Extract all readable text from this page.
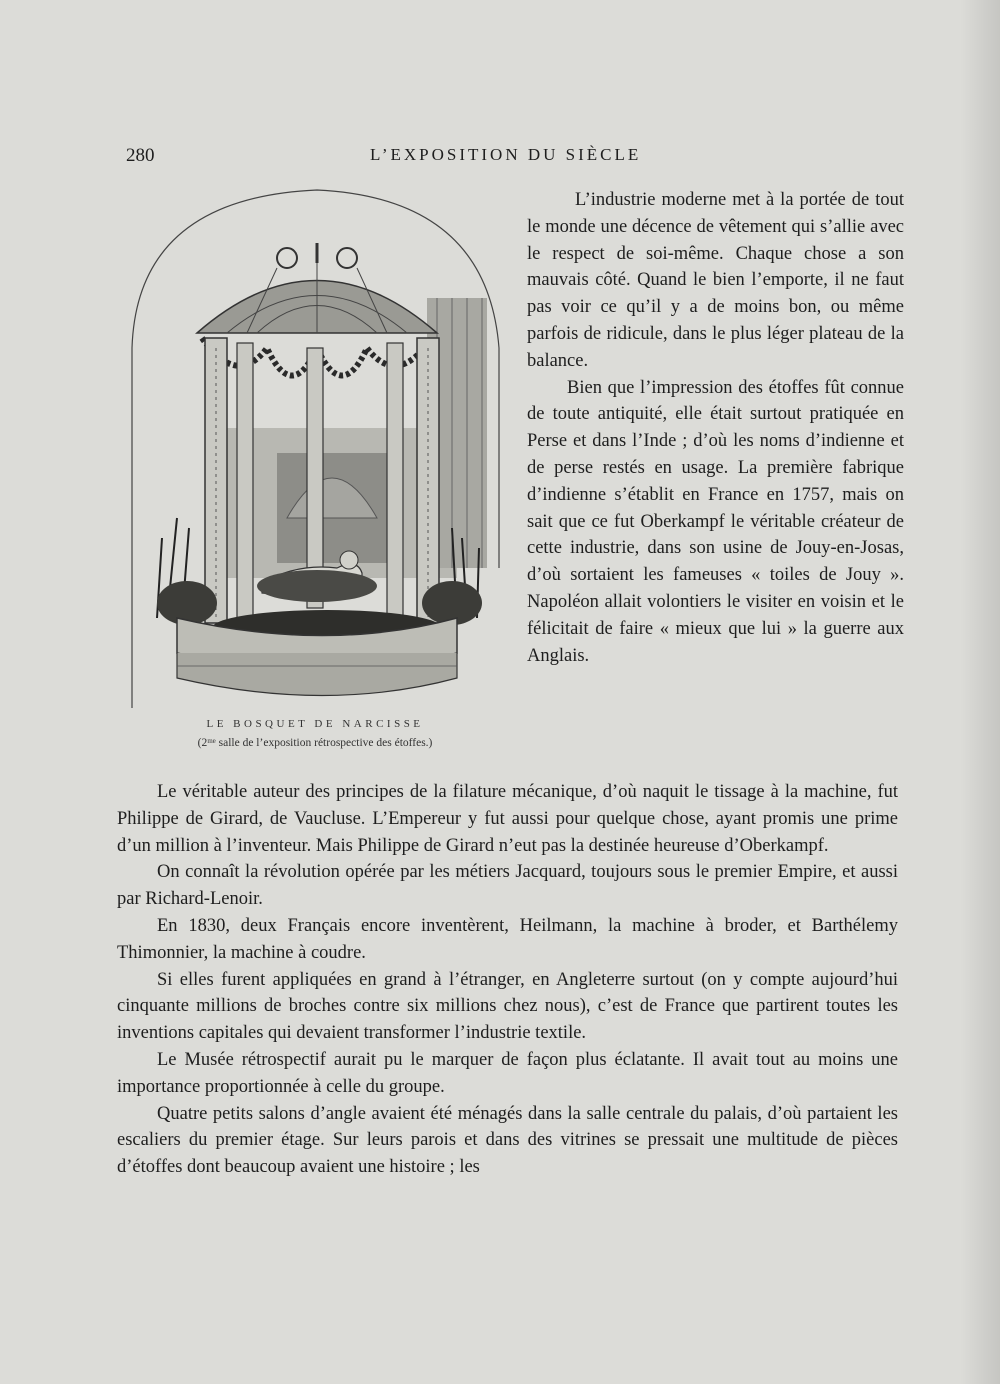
280	L’EXPOSITION DU SIÈCLE
LE BOSQUET DE NARCISSE
(2ᵐᵉ salle de l’exposition rétrospective des étoffes.)

L’industrie moderne met à la portée de tout le monde une décence de vêtement qui s’allie avec le respect de soi-même. Chaque chose a son mauvais côté. Quand le bien l’emporte, il ne faut pas voir ce qu’il y a de moins bon, ou même parfois de ridicule, dans le plus léger plateau de la balance.

Bien que l’impression des étoffes fût connue de toute antiquité, elle était surtout pratiquée en Perse et dans l’Inde ; d’où les noms d’indienne et de perse restés en usage. La première fabrique d’indienne s’établit en France en 1757, mais on sait que ce fut Oberkampf le véritable créateur de cette industrie, dans son usine de Jouy-en-Josas, d’où sortaient les fameuses « toiles de Jouy ». Napoléon allait volontiers le visiter en voisin et le félicitait de faire « mieux que lui » la guerre aux Anglais.

Le véritable auteur des principes de la filature mécanique, d’où naquit le tissage à la machine, fut Philippe de Girard, de Vaucluse. L’Empereur y fut aussi pour quelque chose, ayant promis une prime d’un million à l’inventeur. Mais Philippe de Girard n’eut pas la destinée heureuse d’Oberkampf.

On connaît la révolution opérée par les métiers Jacquard, toujours sous le premier Empire, et aussi par Richard-Lenoir.

En 1830, deux Français encore inventèrent, Heilmann, la machine à broder, et Barthélemy Thimonnier, la machine à coudre.

Si elles furent appliquées en grand à l’étranger, en Angleterre surtout (on y compte aujourd’hui cinquante millions de broches contre six millions chez nous), c’est de France que partirent toutes les inventions capitales qui devaient transformer l’industrie textile.

Le Musée rétrospectif aurait pu le marquer de façon plus éclatante. Il avait tout au moins une importance proportionnée à celle du groupe.

Quatre petits salons d’angle avaient été ménagés dans la salle centrale du palais, d’où partaient les escaliers du premier étage. Sur leurs parois et dans des vitrines se pressait une multitude de pièces d’étoffes dont beaucoup avaient une histoire ; les
